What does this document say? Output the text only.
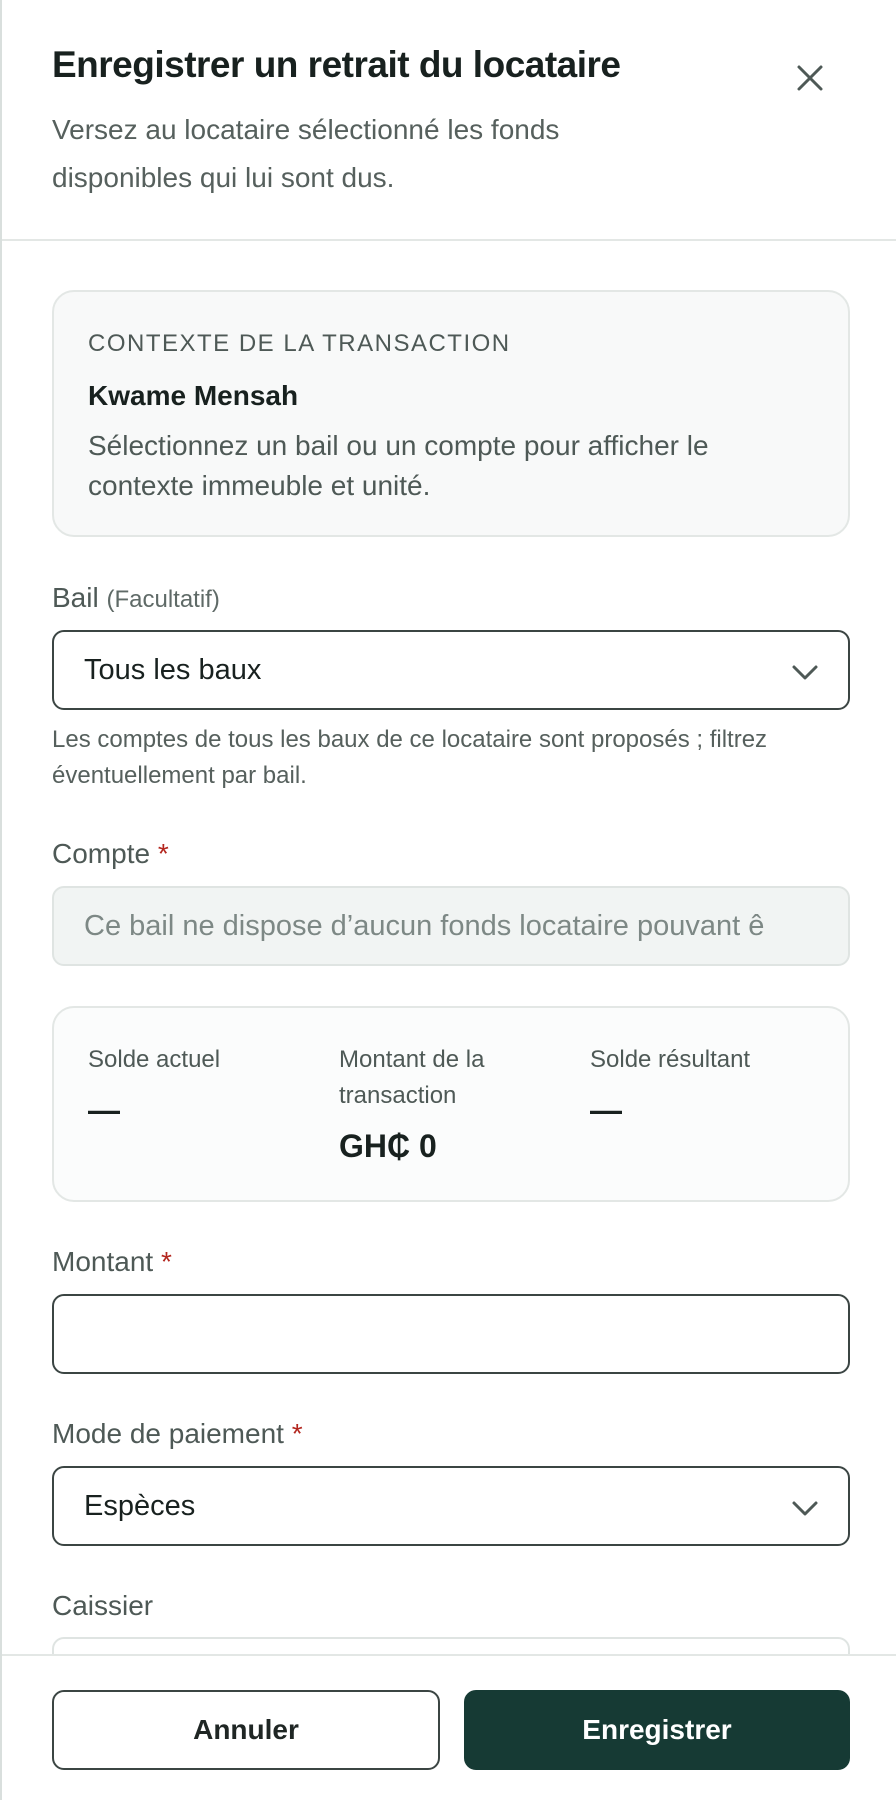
Enregistrer un retrait du locataire
Versez au locataire sélectionné les fonds disponibles qui lui sont dus.
CONTEXTE DE LA TRANSACTION
Kwame Mensah
Sélectionnez un bail ou un compte pour afficher le contexte immeuble et unité.
Bail (Facultatif)
Tous les baux
Les comptes de tous les baux de ce locataire sont proposés ; filtrez éventuellement par bail.
Compte *
Ce bail ne dispose d’aucun fonds locataire pouvant ê
Solde actuel
—
Montant de la transaction
GH₵ 0
Solde résultant
—
Montant *
Mode de paiement *
Espèces
Caissier
Annuler	Enregistrer
